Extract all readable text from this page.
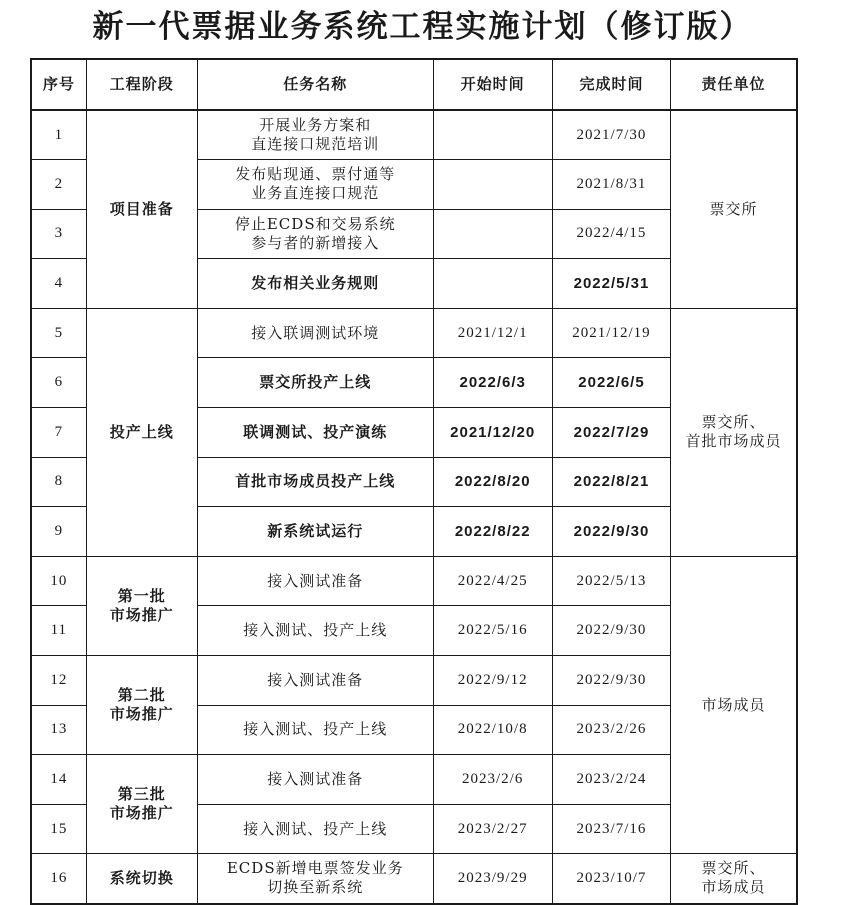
新一代票据业务系统工程实施计划（修订版）
序号	工程阶段	任务名称	开始时间	完成时间	责任单位
1	项目准备	开展业务方案和
直连接口规范培训		2021/7/30	票交所
2		发布贴现通、票付通等
业务直连接口规范		2021/8/31	
3		停止ECDS和交易系统
参与者的新增接入		2022/4/15	
4		发布相关业务规则		2022/5/31	
5	投产上线	接入联调测试环境	2021/12/1	2021/12/19	票交所、
首批市场成员

6		票交所投产上线	2022/6/3	2022/6/5	
7		联调测试、投产演练	2021/12/20	2022/7/29	
8		首批市场成员投产上线	2022/8/20	2022/8/21	
9		新系统试运行	2022/8/22	2022/9/30	
10	第一批
市场推广	接入测试准备	2022/4/25	2022/5/13	市场成员
11		接入测试、投产上线	2022/5/16	2022/9/30	
12	第二批
市场推广	接入测试准备	2022/9/12	2022/9/30	
13		接入测试、投产上线	2022/10/8	2023/2/26	
14	第三批
市场推广	接入测试准备	2023/2/6	2023/2/24	
15		接入测试、投产上线	2023/2/27	2023/7/16	
16	系统切换	ECDS新增电票签发业务
切换至新系统	2023/9/29	2023/10/7	票交所、
市场成员
